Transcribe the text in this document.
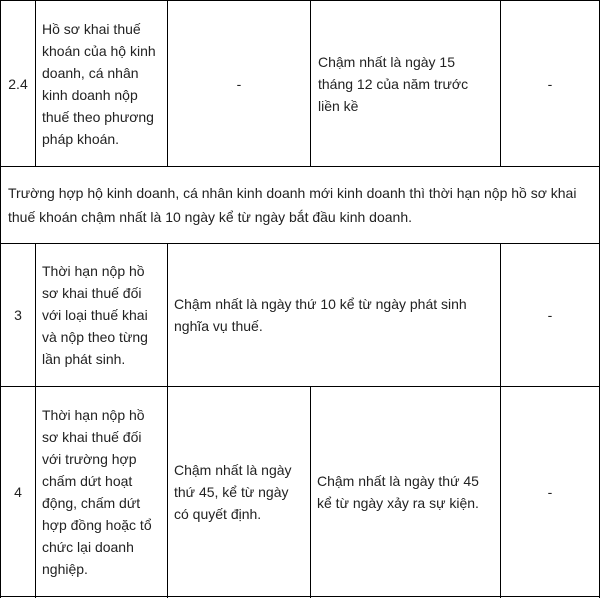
2.4
Hồ sơ khai thuế khoán của hộ kinh doanh, cá nhân kinh doanh nộp thuế theo phương pháp khoán.
-
Chậm nhất là ngày 15 tháng 12 của năm trước liền kề
-
Trường hợp hộ kinh doanh, cá nhân kinh doanh mới kinh doanh thì thời hạn nộp hồ sơ khai thuế khoán chậm nhất là 10 ngày kể từ ngày bắt đầu kinh doanh.
3
Thời hạn nộp hồ sơ khai thuế đối với loại thuế khai và nộp theo từng lần phát sinh.
Chậm nhất là ngày thứ 10 kể từ ngày phát sinh nghĩa vụ thuế.
-
4
Thời hạn nộp hồ sơ khai thuế đối với trường hợp chấm dứt hoạt động, chấm dứt hợp đồng hoặc tổ chức lại doanh nghiệp.
Chậm nhất là ngày thứ 45, kể từ ngày có quyết định.
Chậm nhất là ngày thứ 45 kể từ ngày xảy ra sự kiện.
-
